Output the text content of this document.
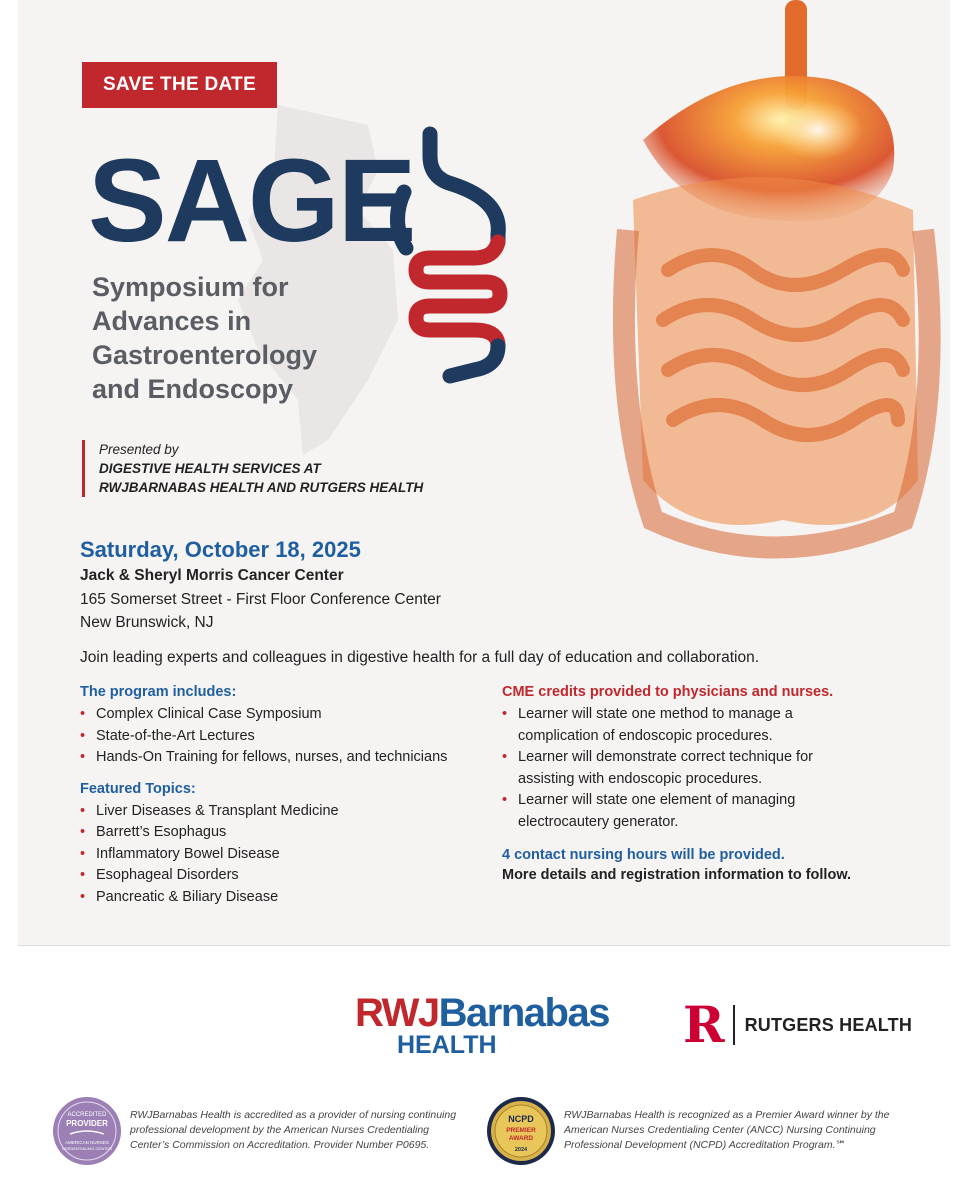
SAVE THE DATE
SAGE
Symposium for
Advances in
Gastroenterology
and Endoscopy
Presented by
DIGESTIVE HEALTH SERVICES AT
RWJBARNABAS HEALTH AND RUTGERS HEALTH
Saturday, October 18, 2025
Jack & Sheryl Morris Cancer Center
165 Somerset Street - First Floor Conference Center
New Brunswick, NJ
Join leading experts and colleagues in digestive health for a full day of education and collaboration.
The program includes:
• Complex Clinical Case Symposium
• State-of-the-Art Lectures
• Hands-On Training for fellows, nurses, and technicians
Featured Topics:
• Liver Diseases & Transplant Medicine
• Barrett’s Esophagus
• Inflammatory Bowel Disease
• Esophageal Disorders
• Pancreatic & Biliary Disease
CME credits provided to physicians and nurses.
• Learner will state one method to manage a
complication of endoscopic procedures.
• Learner will demonstrate correct technique for
assisting with endoscopic procedures.
• Learner will state one element of managing
electrocautery generator.
4 contact nursing hours will be provided.
More details and registration information to follow.
RWJBarnabas
HEALTH	R RUTGERS HEALTH
ACCREDITED
PROVIDER
AMERICAN NURSES
CREDENTIALING CENTER
RWJBarnabas Health is accredited as a provider of nursing continuing
professional development by the American Nurses Credentialing
Center’s Commission on Accreditation. Provider Number P0695.
NCPD
PREMIER
AWARD
2024
RWJBarnabas Health is recognized as a Premier Award winner by the
American Nurses Credentialing Center (ANCC) Nursing Continuing
Professional Development (NCPD) Accreditation Program.℠
